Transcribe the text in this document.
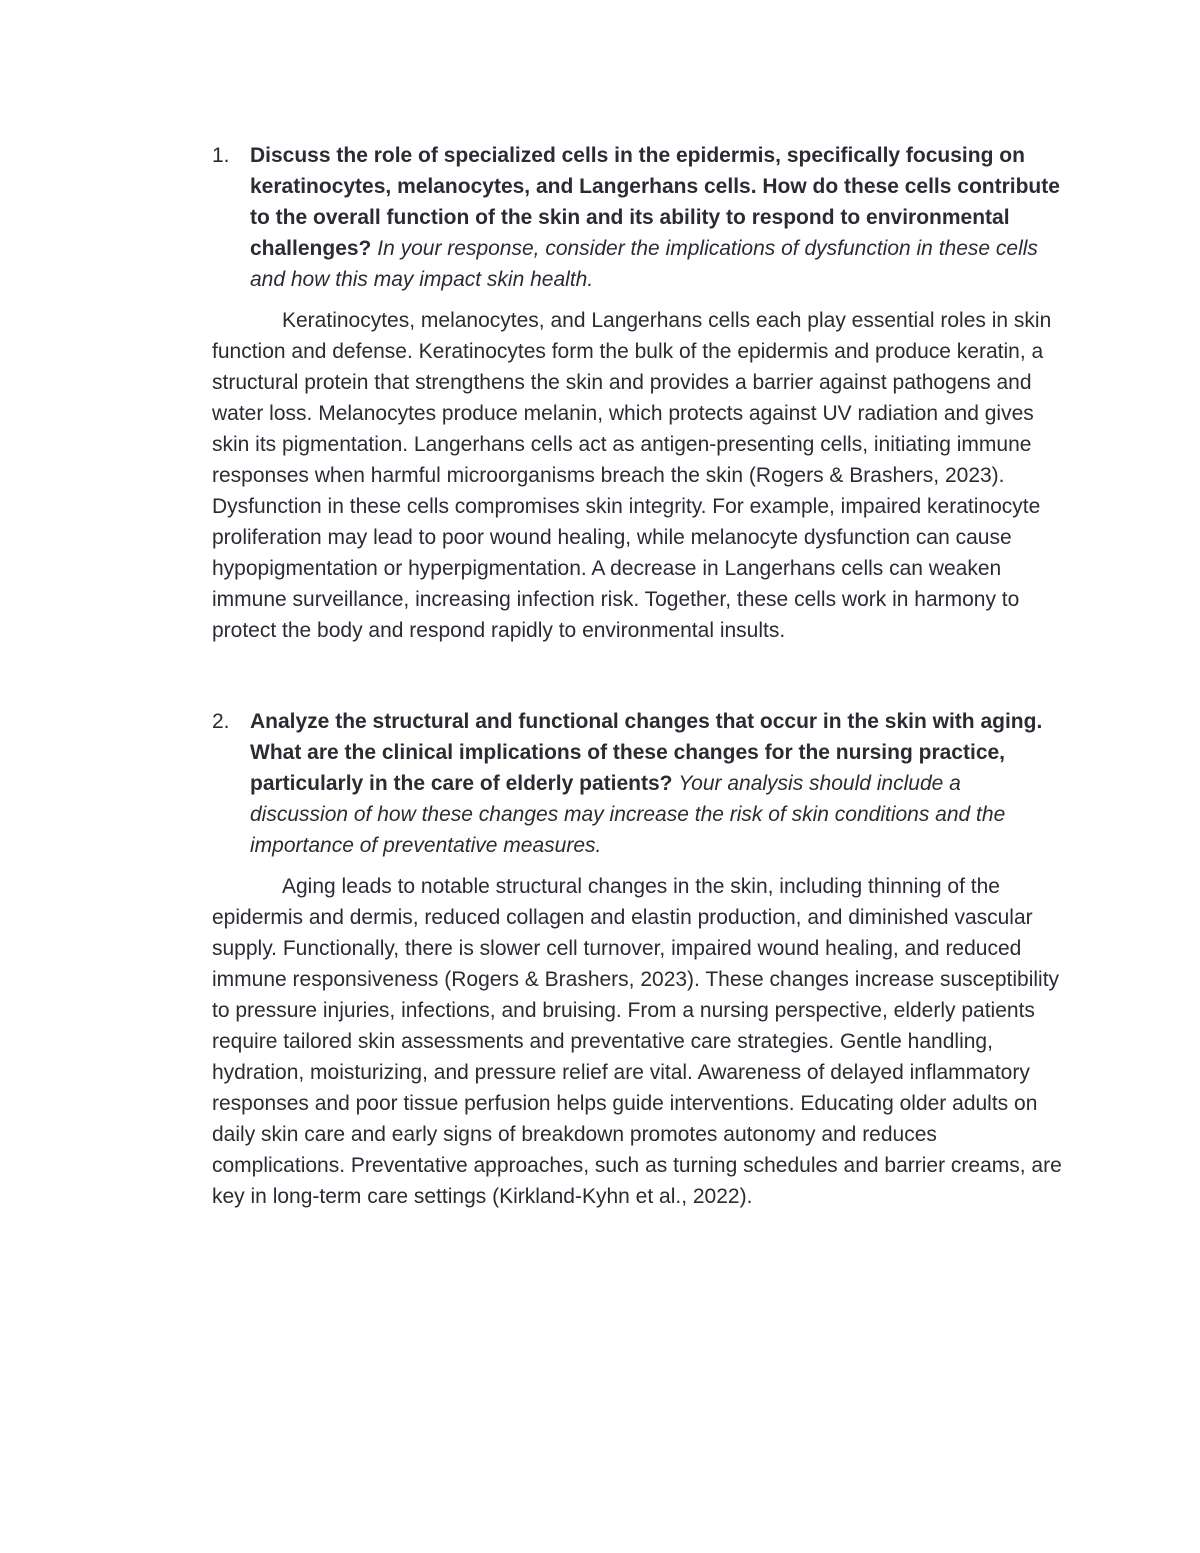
1. Discuss the role of specialized cells in the epidermis, specifically focusing on keratinocytes, melanocytes, and Langerhans cells. How do these cells contribute to the overall function of the skin and its ability to respond to environmental challenges? In your response, consider the implications of dysfunction in these cells and how this may impact skin health.

Keratinocytes, melanocytes, and Langerhans cells each play essential roles in skin function and defense. Keratinocytes form the bulk of the epidermis and produce keratin, a structural protein that strengthens the skin and provides a barrier against pathogens and water loss. Melanocytes produce melanin, which protects against UV radiation and gives skin its pigmentation. Langerhans cells act as antigen-presenting cells, initiating immune responses when harmful microorganisms breach the skin (Rogers & Brashers, 2023). Dysfunction in these cells compromises skin integrity. For example, impaired keratinocyte proliferation may lead to poor wound healing, while melanocyte dysfunction can cause hypopigmentation or hyperpigmentation. A decrease in Langerhans cells can weaken immune surveillance, increasing infection risk. Together, these cells work in harmony to protect the body and respond rapidly to environmental insults.

2. Analyze the structural and functional changes that occur in the skin with aging. What are the clinical implications of these changes for the nursing practice, particularly in the care of elderly patients? Your analysis should include a discussion of how these changes may increase the risk of skin conditions and the importance of preventative measures.

Aging leads to notable structural changes in the skin, including thinning of the epidermis and dermis, reduced collagen and elastin production, and diminished vascular supply. Functionally, there is slower cell turnover, impaired wound healing, and reduced immune responsiveness (Rogers & Brashers, 2023). These changes increase susceptibility to pressure injuries, infections, and bruising. From a nursing perspective, elderly patients require tailored skin assessments and preventative care strategies. Gentle handling, hydration, moisturizing, and pressure relief are vital. Awareness of delayed inflammatory responses and poor tissue perfusion helps guide interventions. Educating older adults on daily skin care and early signs of breakdown promotes autonomy and reduces complications. Preventative approaches, such as turning schedules and barrier creams, are key in long-term care settings (Kirkland-Kyhn et al., 2022).
